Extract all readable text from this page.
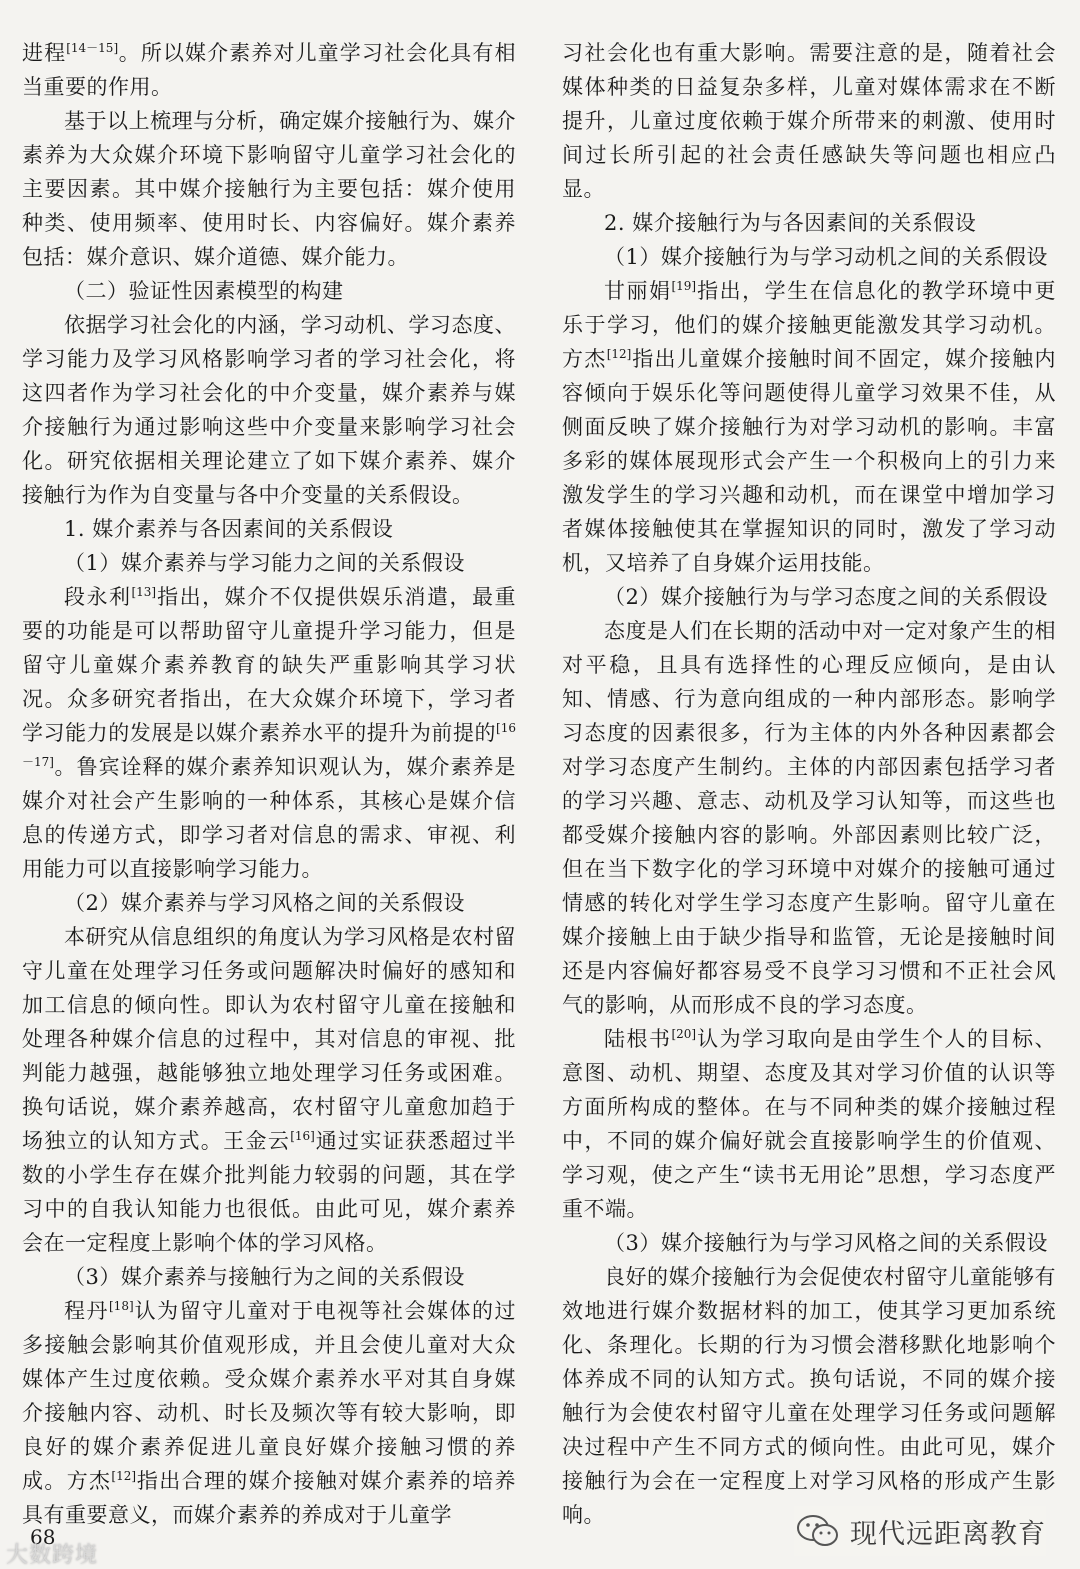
进程[14－15]。所以媒介素养对儿童学习社会化具有相当重要的作用。

基于以上梳理与分析，确定媒介接触行为、媒介素养为大众媒介环境下影响留守儿童学习社会化的主要因素。其中媒介接触行为主要包括：媒介使用种类、使用频率、使用时长、内容偏好。媒介素养包括：媒介意识、媒介道德、媒介能力。

（二）验证性因素模型的构建

依据学习社会化的内涵，学习动机、学习态度、学习能力及学习风格影响学习者的学习社会化，将这四者作为学习社会化的中介变量，媒介素养与媒介接触行为通过影响这些中介变量来影响学习社会化。研究依据相关理论建立了如下媒介素养、媒介接触行为作为自变量与各中介变量的关系假设。

1. 媒介素养与各因素间的关系假设

（1）媒介素养与学习能力之间的关系假设

段永利[13]指出，媒介不仅提供娱乐消遣，最重要的功能是可以帮助留守儿童提升学习能力，但是留守儿童媒介素养教育的缺失严重影响其学习状况。众多研究者指出，在大众媒介环境下，学习者学习能力的发展是以媒介素养水平的提升为前提的[16－17]。鲁宾诠释的媒介素养知识观认为，媒介素养是媒介对社会产生影响的一种体系，其核心是媒介信息的传递方式，即学习者对信息的需求、审视、利用能力可以直接影响学习能力。

（2）媒介素养与学习风格之间的关系假设

本研究从信息组织的角度认为学习风格是农村留守儿童在处理学习任务或问题解决时偏好的感知和加工信息的倾向性。即认为农村留守儿童在接触和处理各种媒介信息的过程中，其对信息的审视、批判能力越强，越能够独立地处理学习任务或困难。换句话说，媒介素养越高，农村留守儿童愈加趋于场独立的认知方式。王金云[16]通过实证获悉超过半数的小学生存在媒介批判能力较弱的问题，其在学习中的自我认知能力也很低。由此可见，媒介素养会在一定程度上影响个体的学习风格。

（3）媒介素养与接触行为之间的关系假设

程丹[18]认为留守儿童对于电视等社会媒体的过多接触会影响其价值观形成，并且会使儿童对大众媒体产生过度依赖。受众媒介素养水平对其自身媒介接触内容、动机、时长及频次等有较大影响，即良好的媒介素养促进儿童良好媒介接触习惯的养成。方杰[12]指出合理的媒介接触对媒介素养的培养具有重要意义，而媒介素养的养成对于儿童学

习社会化也有重大影响。需要注意的是，随着社会媒体种类的日益复杂多样，儿童对媒体需求在不断提升，儿童过度依赖于媒介所带来的刺激、使用时间过长所引起的社会责任感缺失等问题也相应凸显。

2. 媒介接触行为与各因素间的关系假设

（1）媒介接触行为与学习动机之间的关系假设

甘丽娟[19]指出，学生在信息化的教学环境中更乐于学习，他们的媒介接触更能激发其学习动机。方杰[12]指出儿童媒介接触时间不固定，媒介接触内容倾向于娱乐化等问题使得儿童学习效果不佳，从侧面反映了媒介接触行为对学习动机的影响。丰富多彩的媒体展现形式会产生一个积极向上的引力来激发学生的学习兴趣和动机，而在课堂中增加学习者媒体接触使其在掌握知识的同时，激发了学习动机，又培养了自身媒介运用技能。

（2）媒介接触行为与学习态度之间的关系假设

态度是人们在长期的活动中对一定对象产生的相对平稳，且具有选择性的心理反应倾向，是由认知、情感、行为意向组成的一种内部形态。影响学习态度的因素很多，行为主体的内外各种因素都会对学习态度产生制约。主体的内部因素包括学习者的学习兴趣、意志、动机及学习认知等，而这些也都受媒介接触内容的影响。外部因素则比较广泛，但在当下数字化的学习环境中对媒介的接触可通过情感的转化对学生学习态度产生影响。留守儿童在媒介接触上由于缺少指导和监管，无论是接触时间还是内容偏好都容易受不良学习习惯和不正社会风气的影响，从而形成不良的学习态度。

陆根书[20]认为学习取向是由学生个人的目标、意图、动机、期望、态度及其对学习价值的认识等方面所构成的整体。在与不同种类的媒介接触过程中，不同的媒介偏好就会直接影响学生的价值观、学习观，使之产生“读书无用论”思想，学习态度严重不端。

（3）媒介接触行为与学习风格之间的关系假设

良好的媒介接触行为会促使农村留守儿童能够有效地进行媒介数据材料的加工，使其学习更加系统化、条理化。长期的行为习惯会潜移默化地影响个体养成不同的认知方式。换句话说，不同的媒介接触行为会使农村留守儿童在处理学习任务或问题解决过程中产生不同方式的倾向性。由此可见，媒介接触行为会在一定程度上对学习风格的形成产生影响。

68
大数跨境
现代远距离教育
